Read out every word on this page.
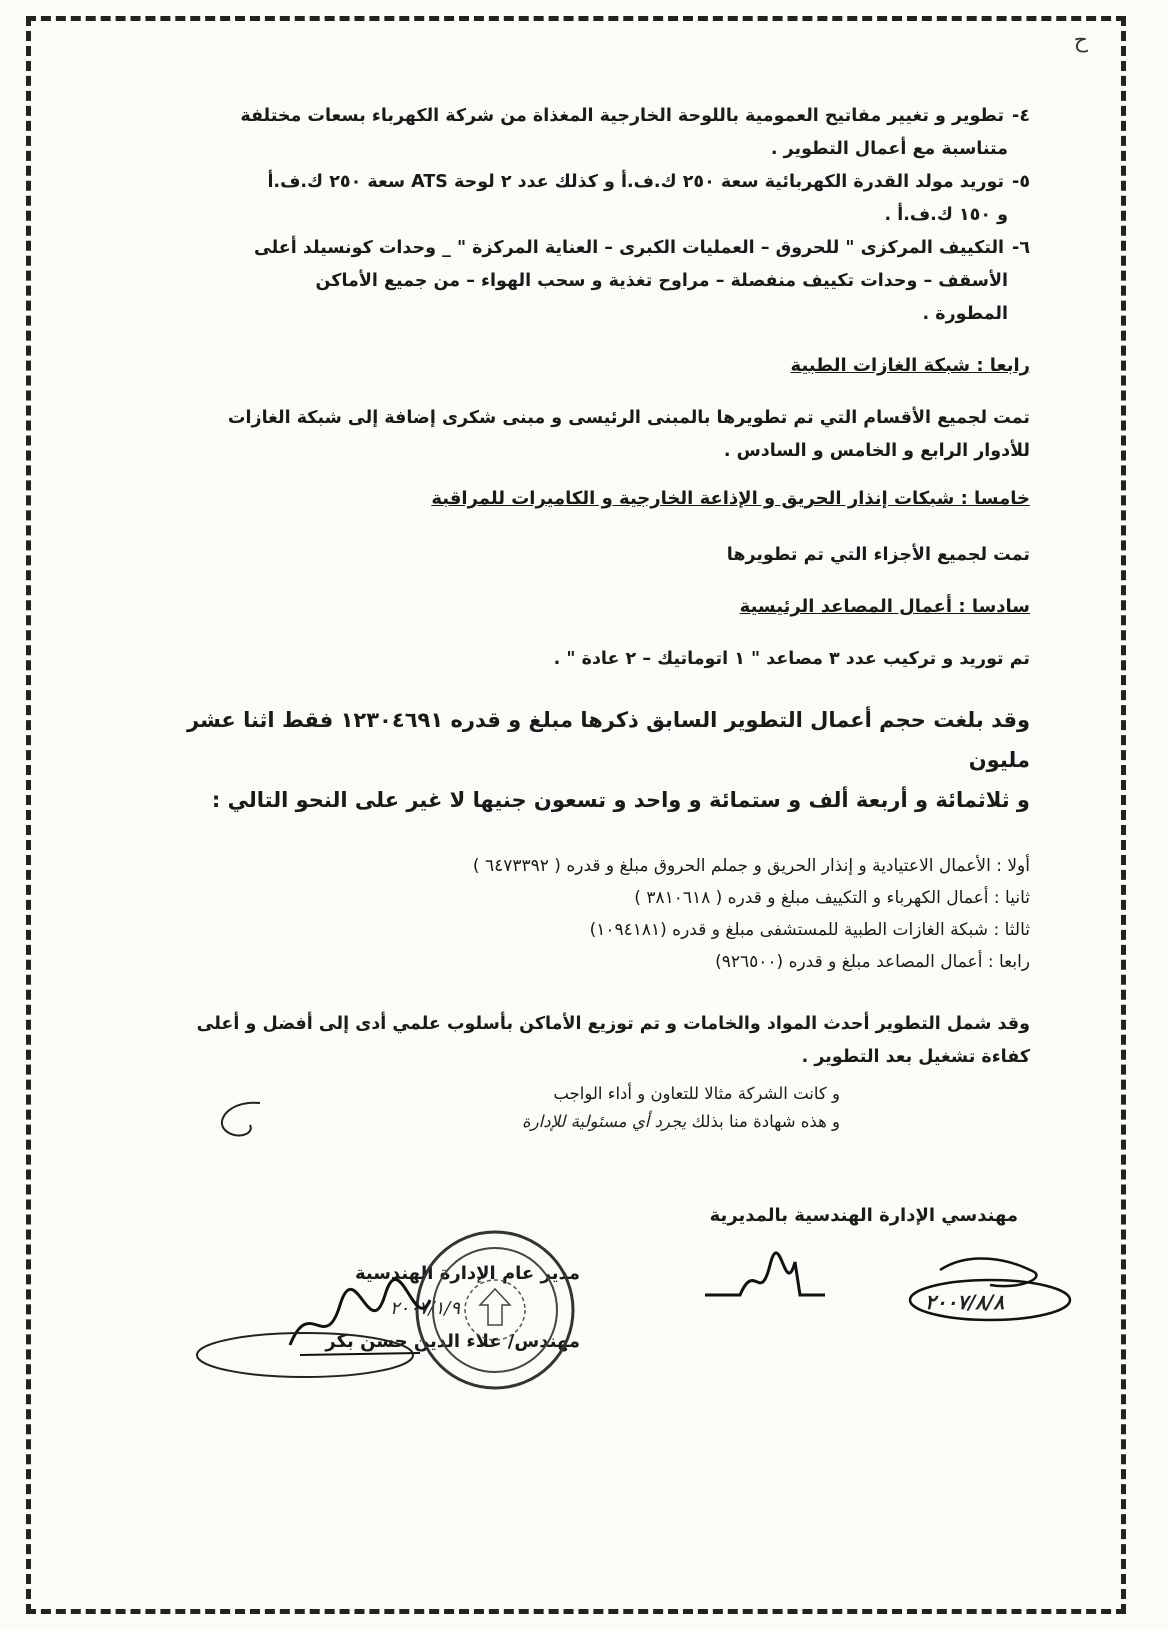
ح

٤-تطوير و تغيير مفاتيح العمومية باللوحة الخارجية المغذاة من شركة الكهرباء بسعات مختلفة

متناسبة مع أعمال التطوير .

٥-توريد مولد القدرة الكهربائية سعة ٢٥٠ ك.ف.أ و كذلك عدد ٢ لوحة ATS سعة ٢٥٠ ك.ف.أ

و ١٥٠ ك.ف.أ .

٦-التكييف المركزى " للحروق – العمليات الكبرى – العناية المركزة " _ وحدات كونسيلد أعلى

الأسقف – وحدات تكييف منفصلة – مراوح تغذية و سحب الهواء – من جميع الأماكن

المطورة .

رابعا : شبكة الغازات الطبية

تمت لجميع الأقسام التي تم تطويرها بالمبنى الرئيسى و مبنى شكرى إضافة إلى شبكة الغازات

للأدوار الرابع و الخامس و السادس .

خامسا : شبكات إنذار الحريق و الإذاعة الخارجية و الكاميرات للمراقبة

تمت لجميع الأجزاء التي تم تطويرها

سادسا : أعمال المصاعد الرئيسية

تم توريد و تركيب عدد ٣ مصاعد " ١ اتوماتيك – ٢ عادة " .

وقد بلغت حجم أعمال التطوير السابق ذكرها مبلغ و قدره ١٢٣٠٤٦٩١ فقط اثنا عشر مليون

و ثلاثمائة و أربعة ألف و ستمائة و واحد و تسعون جنيها لا غير على النحو التالي :

أولا : الأعمال الاعتيادية و إنذار الحريق و جملم الحروق مبلغ و قدره ( ٦٤٧٣٣٩٢ )

ثانيا : أعمال الكهرباء و التكييف مبلغ و قدره ( ٣٨١٠٦١٨ )

ثالثا : شبكة الغازات الطبية للمستشفى مبلغ و قدره (١٠٩٤١٨١)

رابعا : أعمال المصاعد مبلغ و قدره (٩٢٦٥٠٠)

وقد شمل التطوير أحدث المواد والخامات و تم توزيع الأماكن بأسلوب علمي أدى إلى أفضل و أعلى

كفاءة تشغيل بعد التطوير .

و كانت الشركة مثالا للتعاون و أداء الواجب

و هذه شهادة منا بذلك يجرد أي مسئولية للإدارة

مهندسي الإدارة الهندسية بالمديرية

مدير عام الإدارة الهندسية

٢٠٠٧/١/٩

مهندس/ علاء الدين حسن بكر

٢٠٠٧/٨/٨
